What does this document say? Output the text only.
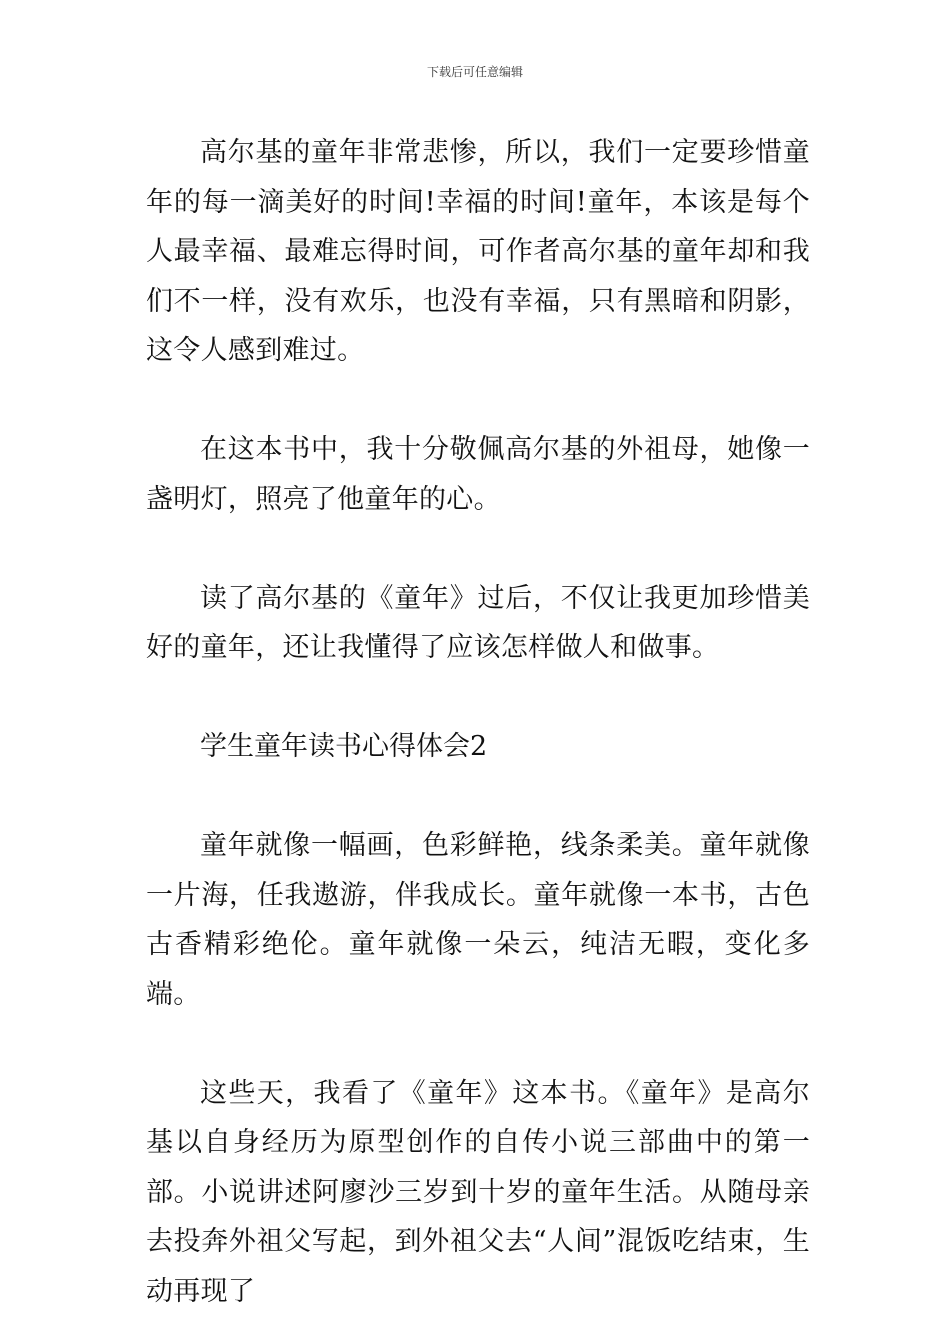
下载后可任意编辑

高尔基的童年非常悲惨，所以，我们一定要珍惜童年的每一滴美好的时间!幸福的时间!童年，本该是每个人最幸福、最难忘得时间，可作者高尔基的童年却和我们不一样，没有欢乐，也没有幸福，只有黑暗和阴影，这令人感到难过。

在这本书中，我十分敬佩高尔基的外祖母，她像一盏明灯，照亮了他童年的心。

读了高尔基的《童年》过后，不仅让我更加珍惜美好的童年，还让我懂得了应该怎样做人和做事。

学生童年读书心得体会2

童年就像一幅画，色彩鲜艳，线条柔美。童年就像一片海，任我遨游，伴我成长。童年就像一本书，古色古香精彩绝伦。童年就像一朵云，纯洁无暇，变化多端。

这些天，我看了《童年》这本书。《童年》是高尔基以自身经历为原型创作的自传小说三部曲中的第一部。小说讲述阿廖沙三岁到十岁的童年生活。从随母亲去投奔外祖父写起，到外祖父去“人间”混饭吃结束，生动再现了
